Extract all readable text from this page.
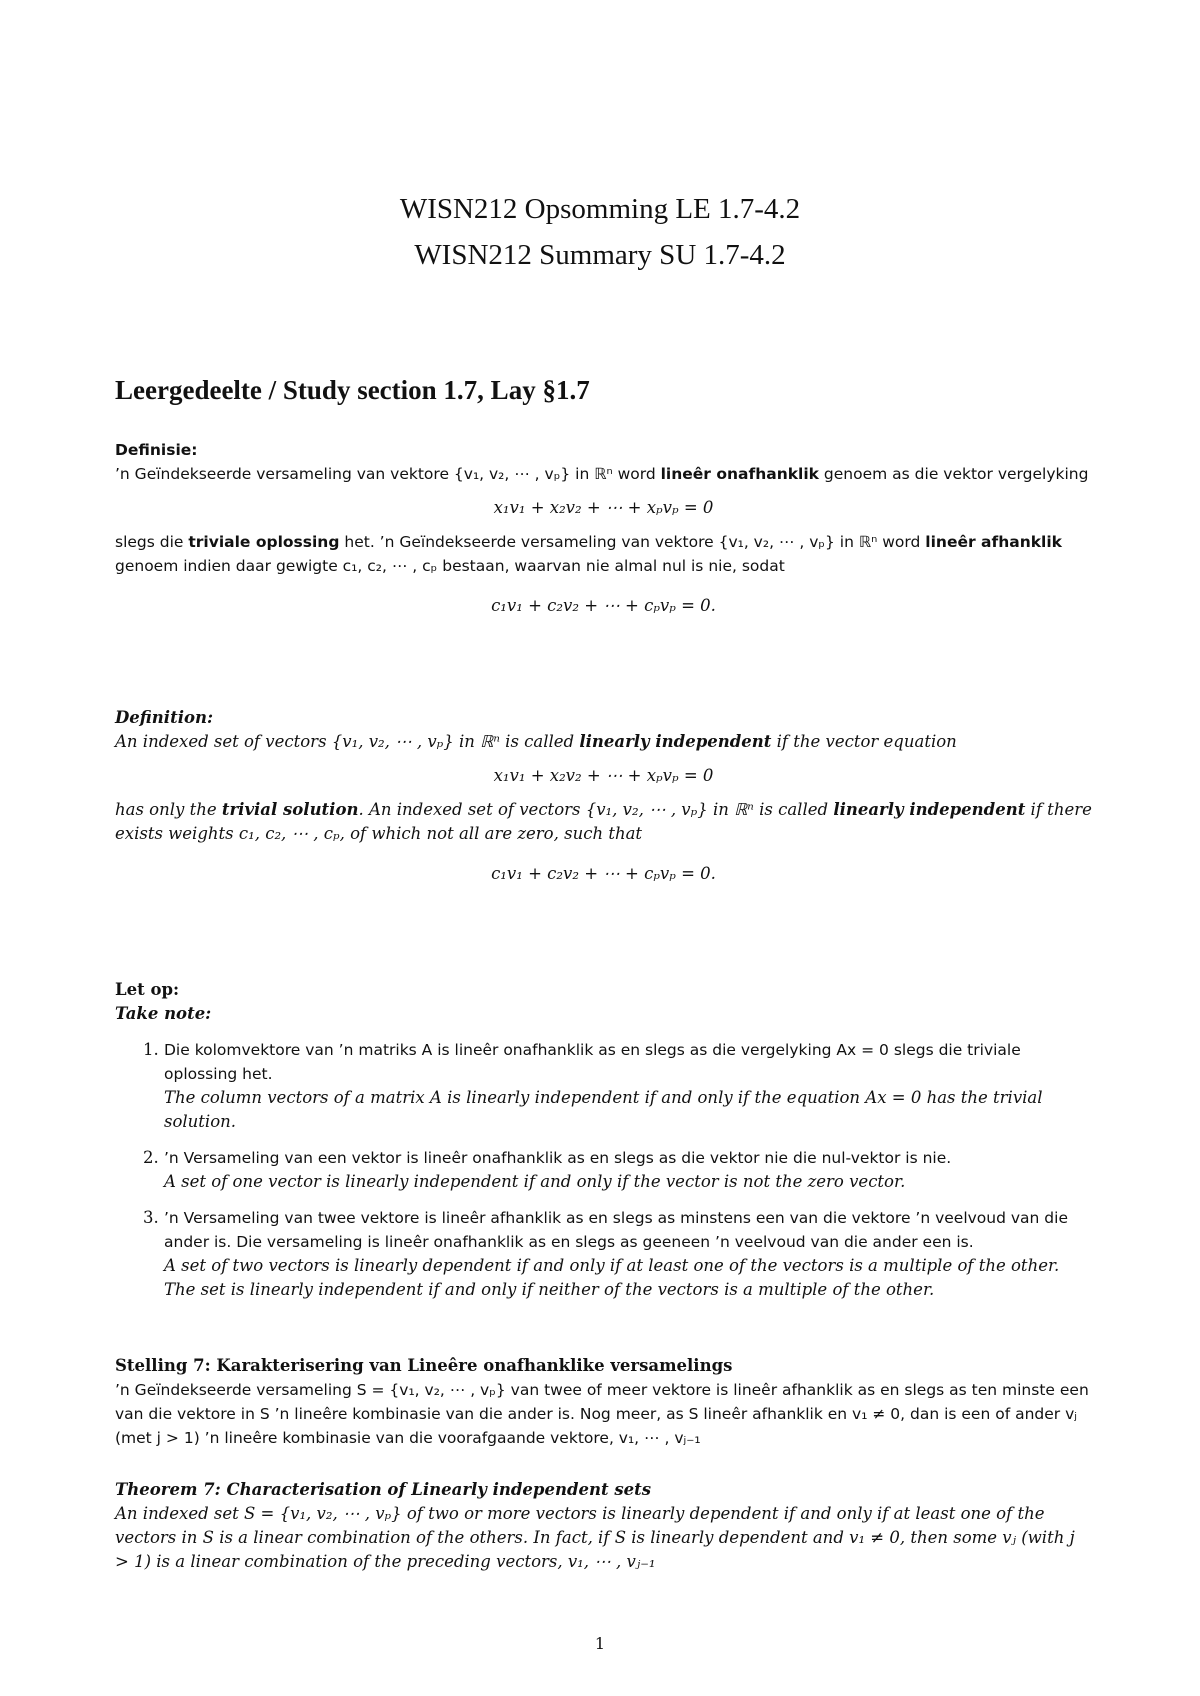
WISN212 Opsomming LE 1.7-4.2
WISN212 Summary SU 1.7-4.2
Leergedeelte / Study section 1.7, Lay §1.7
Definisie:
’n Geïndekseerde versameling van vektore {v₁, v₂, ⋯ , vₚ} in ℝⁿ word lineêr onafhanklik genoem as die vektor vergelyking
x₁v₁ + x₂v₂ + ⋯ + xₚvₚ = 0
slegs die triviale oplossing het. ’n Geïndekseerde versameling van vektore {v₁, v₂, ⋯ , vₚ} in ℝⁿ word lineêr afhanklik genoem indien daar gewigte c₁, c₂, ⋯ , cₚ bestaan, waarvan nie almal nul is nie, sodat
c₁v₁ + c₂v₂ + ⋯ + cₚvₚ = 0.
Definition:
An indexed set of vectors {v₁, v₂, ⋯ , vₚ} in ℝⁿ is called linearly independent if the vector equation
x₁v₁ + x₂v₂ + ⋯ + xₚvₚ = 0
has only the trivial solution. An indexed set of vectors {v₁, v₂, ⋯ , vₚ} in ℝⁿ is called linearly independent if there exists weights c₁, c₂, ⋯ , cₚ, of which not all are zero, such that
c₁v₁ + c₂v₂ + ⋯ + cₚvₚ = 0.
Let op:
Take note:
1. Die kolomvektore van ’n matriks A is lineêr onafhanklik as en slegs as die vergelyking Ax = 0 slegs die triviale oplossing het.
The column vectors of a matrix A is linearly independent if and only if the equation Ax = 0 has the trivial solution.
2. ’n Versameling van een vektor is lineêr onafhanklik as en slegs as die vektor nie die nul-vektor is nie.
A set of one vector is linearly independent if and only if the vector is not the zero vector.
3. ’n Versameling van twee vektore is lineêr afhanklik as en slegs as minstens een van die vektore ’n veelvoud van die ander is. Die versameling is lineêr onafhanklik as en slegs as geeneen ’n veelvoud van die ander een is.
A set of two vectors is linearly dependent if and only if at least one of the vectors is a multiple of the other. The set is linearly independent if and only if neither of the vectors is a multiple of the other.
Stelling 7: Karakterisering van Lineêre onafhanklike versamelings
’n Geïndekseerde versameling S = {v₁, v₂, ⋯ , vₚ} van twee of meer vektore is lineêr afhanklik as en slegs as ten minste een van die vektore in S ’n lineêre kombinasie van die ander is. Nog meer, as S lineêr afhanklik en v₁ ≠ 0, dan is een of ander vⱼ (met j > 1) ’n lineêre kombinasie van die voorafgaande vektore, v₁, ⋯ , vⱼ₋₁
Theorem 7: Characterisation of Linearly independent sets
An indexed set S = {v₁, v₂, ⋯ , vₚ} of two or more vectors is linearly dependent if and only if at least one of the vectors in S is a linear combination of the others. In fact, if S is linearly dependent and v₁ ≠ 0, then some vⱼ (with j > 1) is a linear combination of the preceding vectors, v₁, ⋯ , vⱼ₋₁
1
